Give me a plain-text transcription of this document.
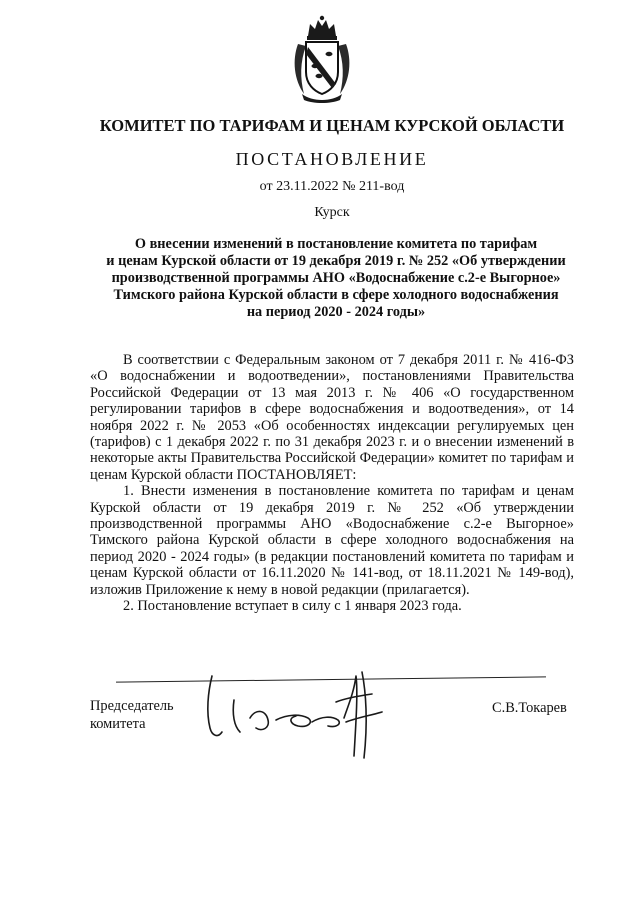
КОМИТЕТ ПО ТАРИФАМ И ЦЕНАМ КУРСКОЙ ОБЛАСТИ
ПОСТАНОВЛЕНИЕ
от 23.11.2022 № 211-вод
Курск
О внесении изменений в постановление комитета по тарифам
и ценам Курской области от 19 декабря 2019 г. № 252 «Об утверждении
производственной программы АНО «Водоснабжение с.2-е Выгорное»
Тимского района Курской области в сфере холодного водоснабжения
на период 2020 - 2024 годы»

В соответствии с Федеральным законом от 7 декабря 2011 г. № 416-ФЗ «О водоснабжении и водоотведении», постановлениями Правительства Российской Федерации от 13 мая 2013 г. № 406 «О государственном регулировании тарифов в сфере водоснабжения и водоотведения», от 14 ноября 2022 г. № 2053 «Об особенностях индексации регулируемых цен (тарифов) с 1 декабря 2022 г. по 31 декабря 2023 г. и о внесении изменений в некоторые акты Правительства Российской Федерации» комитет по тарифам и ценам Курской области ПОСТАНОВЛЯЕТ:

1. Внести изменения в постановление комитета по тарифам и ценам Курской области от 19 декабря 2019 г. № 252 «Об утверждении производственной программы АНО «Водоснабжение с.2-е Выгорное» Тимского района Курской области в сфере холодного водоснабжения на период 2020 - 2024 годы» (в редакции постановлений комитета по тарифам и ценам Курской области от 16.11.2020 № 141-вод, от 18.11.2021 № 149-вод), изложив Приложение к нему в новой редакции (прилагается).

2. Постановление вступает в силу с 1 января 2023 года.

Председатель
комитета
С.В.Токарев
